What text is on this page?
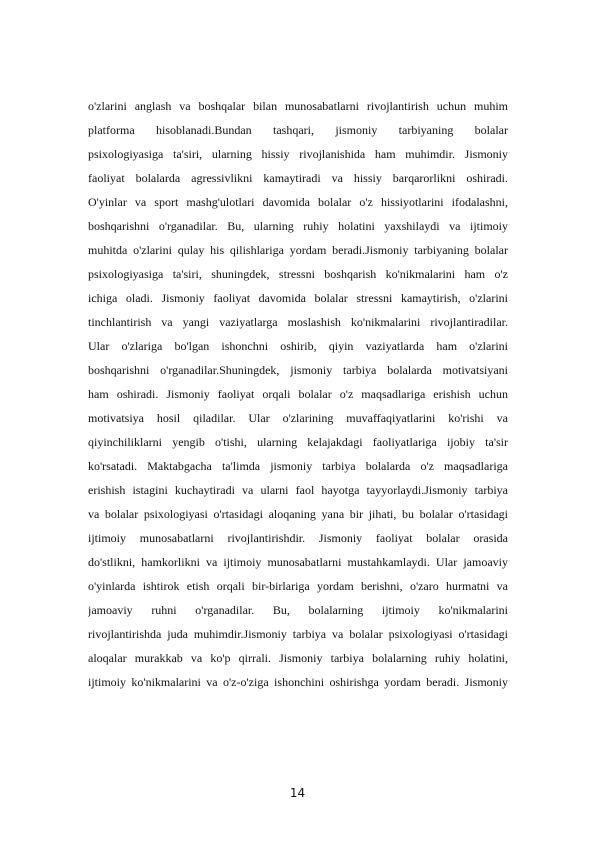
o'zlarini anglash va boshqalar bilan munosabatlarni rivojlantirish uchun muhim
platforma hisoblanadi.Bundan tashqari, jismoniy tarbiyaning bolalar
psixologiyasiga ta'siri, ularning hissiy rivojlanishida ham muhimdir. Jismoniy
faoliyat bolalarda agressivlikni kamaytiradi va hissiy barqarorlikni oshiradi.
O'yinlar va sport mashg'ulotlari davomida bolalar o'z hissiyotlarini ifodalashni,
boshqarishni o'rganadilar. Bu, ularning ruhiy holatini yaxshilaydi va ijtimoiy
muhitda o'zlarini qulay his qilishlariga yordam beradi.Jismoniy tarbiyaning bolalar
psixologiyasiga ta'siri, shuningdek, stressni boshqarish ko'nikmalarini ham o'z
ichiga oladi. Jismoniy faoliyat davomida bolalar stressni kamaytirish, o'zlarini
tinchlantirish va yangi vaziyatlarga moslashish ko'nikmalarini rivojlantiradilar.
Ular o'zlariga bo'lgan ishonchni oshirib, qiyin vaziyatlarda ham o'zlarini
boshqarishni o'rganadilar.Shuningdek, jismoniy tarbiya bolalarda motivatsiyani
ham oshiradi. Jismoniy faoliyat orqali bolalar o'z maqsadlariga erishish uchun
motivatsiya hosil qiladilar. Ular o'zlarining muvaffaqiyatlarini ko'rishi va
qiyinchiliklarni yengib o'tishi, ularning kelajakdagi faoliyatlariga ijobiy ta'sir
ko'rsatadi. Maktabgacha ta'limda jismoniy tarbiya bolalarda o'z maqsadlariga
erishish istagini kuchaytiradi va ularni faol hayotga tayyorlaydi.Jismoniy tarbiya
va bolalar psixologiyasi o'rtasidagi aloqaning yana bir jihati, bu bolalar o'rtasidagi
ijtimoiy munosabatlarni rivojlantirishdir. Jismoniy faoliyat bolalar orasida
do'stlikni, hamkorlikni va ijtimoiy munosabatlarni mustahkamlaydi. Ular jamoaviy
o'yinlarda ishtirok etish orqali bir-birlariga yordam berishni, o'zaro hurmatni va
jamoaviy ruhni o'rganadilar. Bu, bolalarning ijtimoiy ko'nikmalarini
rivojlantirishda juda muhimdir.Jismoniy tarbiya va bolalar psixologiyasi o'rtasidagi
aloqalar murakkab va ko'p qirrali. Jismoniy tarbiya bolalarning ruhiy holatini,
ijtimoiy ko'nikmalarini va o'z-o'ziga ishonchini oshirishga yordam beradi. Jismoniy
14
